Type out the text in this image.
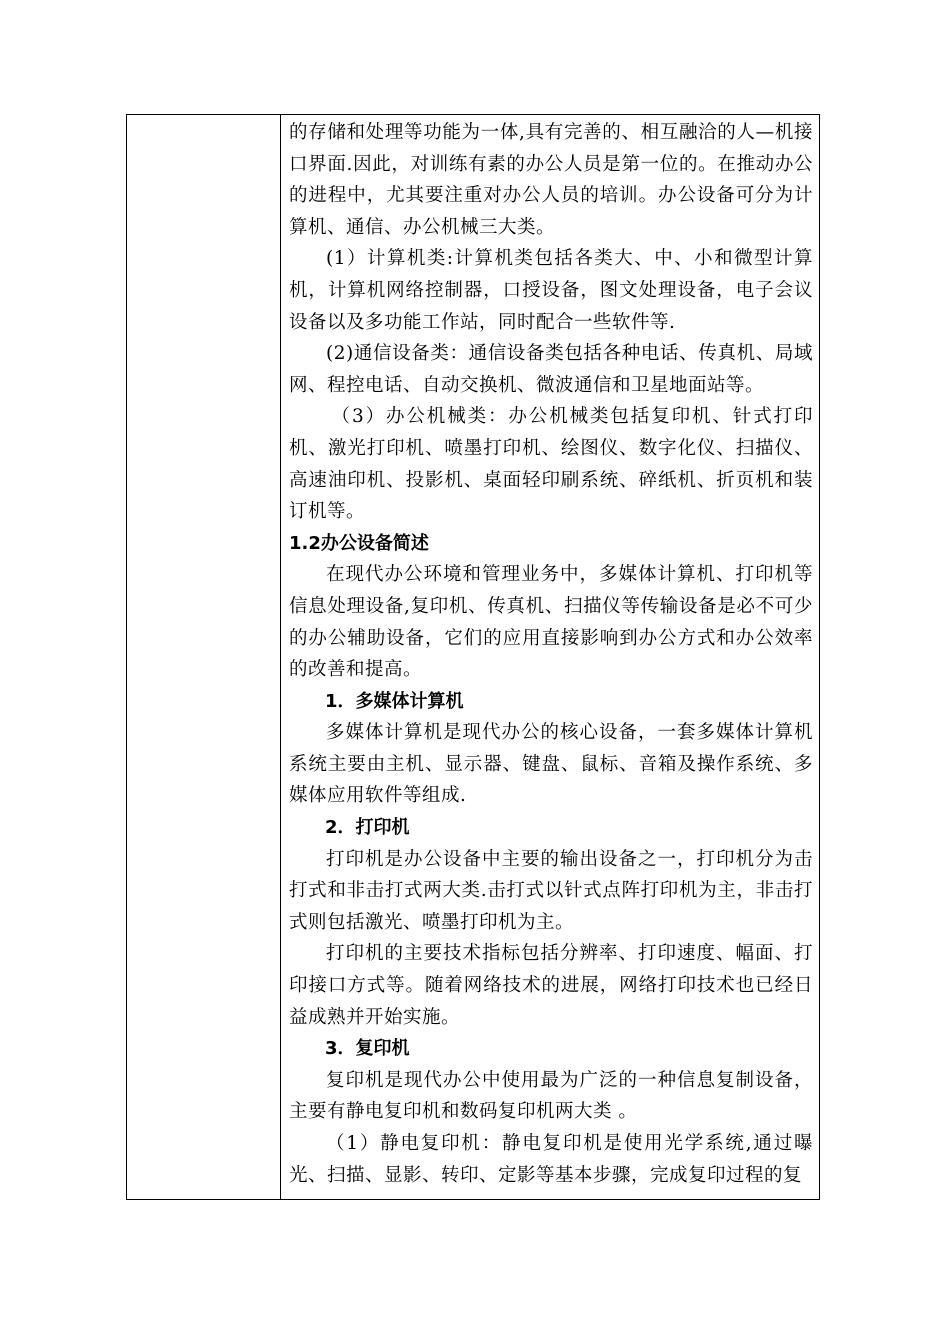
的存储和处理等功能为一体,具有完善的、相互融洽的人—机接口界面.因此，对训练有素的办公人员是第一位的。在推动办公的进程中，尤其要注重对办公人员的培训。办公设备可分为计算机、通信、办公机械三大类。

(1）计算机类:计算机类包括各类大、中、小和微型计算机，计算机网络控制器，口授设备，图文处理设备，电子会议设备以及多功能工作站，同时配合一些软件等.

(2)通信设备类：通信设备类包括各种电话、传真机、局域网、程控电话、自动交换机、微波通信和卫星地面站等。

（3）办公机械类：办公机械类包括复印机、针式打印机、激光打印机、喷墨打印机、绘图仪、数字化仪、扫描仪、高速油印机、投影机、桌面轻印刷系统、碎纸机、折页机和装订机等。

1.2办公设备简述

在现代办公环境和管理业务中，多媒体计算机、打印机等信息处理设备,复印机、传真机、扫描仪等传输设备是必不可少的办公辅助设备，它们的应用直接影响到办公方式和办公效率的改善和提高。

1．多媒体计算机

多媒体计算机是现代办公的核心设备，一套多媒体计算机系统主要由主机、显示器、键盘、鼠标、音箱及操作系统、多媒体应用软件等组成.

2．打印机

打印机是办公设备中主要的输出设备之一，打印机分为击打式和非击打式两大类.击打式以针式点阵打印机为主，非击打式则包括激光、喷墨打印机为主。

打印机的主要技术指标包括分辨率、打印速度、幅面、打印接口方式等。随着网络技术的进展，网络打印技术也已经日益成熟并开始实施。

3．复印机

复印机是现代办公中使用最为广泛的一种信息复制设备，主要有静电复印机和数码复印机两大类 。

（1）静电复印机：静电复印机是使用光学系统,通过曝光、扫描、显影、转印、定影等基本步骤，完成复印过程的复
